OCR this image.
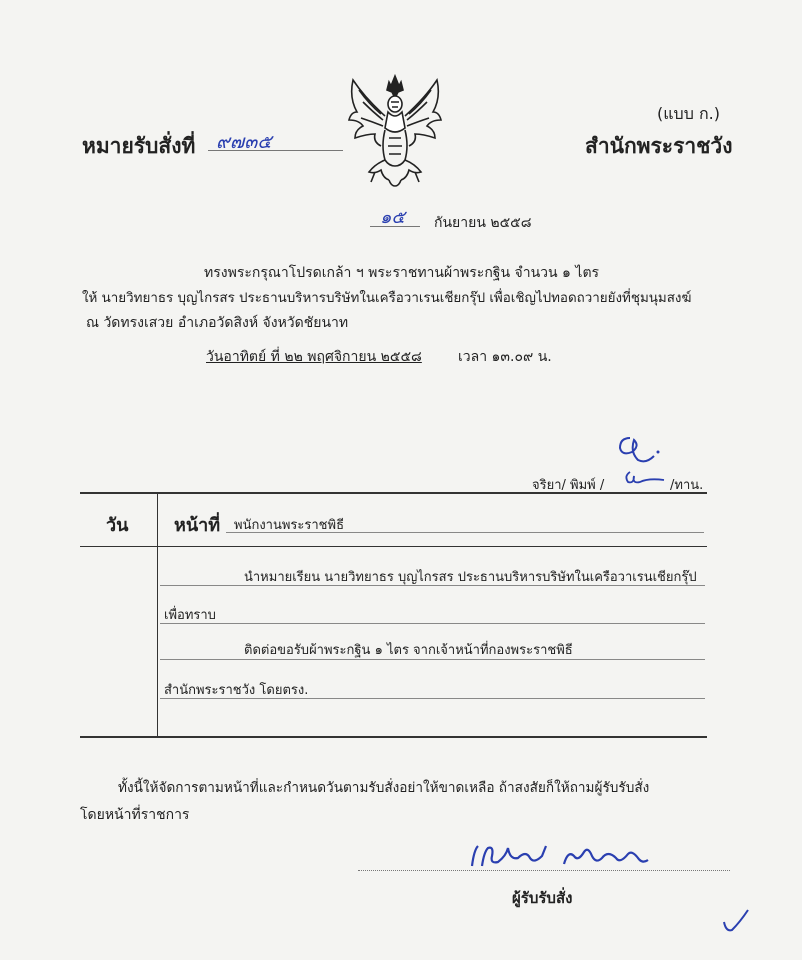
(แบบ ก.)
หมายรับสั่งที่ ๙๗๓๕	สำนักพระราชวัง
๑๕ กันยายน ๒๕๕๘
ทรงพระกรุณาโปรดเกล้า ฯ พระราชทานผ้าพระกฐิน จำนวน ๑ ไตร
ให้ นายวิทยาธร บุญไกรสร ประธานบริหารบริษัทในเครือวาเรนเชียกรุ๊ป เพื่อเชิญไปทอดถวายยังที่ชุมนุมสงฆ์
ณ วัดทรงเสวย อำเภอวัดสิงห์ จังหวัดชัยนาท
วันอาทิตย์ ที่ ๒๒ พฤศจิกายน ๒๕๕๘	เวลา ๑๓.๐๙ น.
จริยา/ พิมพ์ /	/ทาน.
วัน	หน้าที่ พนักงานพระราชพิธี
นำหมายเรียน นายวิทยาธร บุญไกรสร ประธานบริหารบริษัทในเครือวาเรนเชียกรุ๊ป
เพื่อทราบ
ติดต่อขอรับผ้าพระกฐิน ๑ ไตร จากเจ้าหน้าที่กองพระราชพิธี
สำนักพระราชวัง โดยตรง.
ทั้งนี้ให้จัดการตามหน้าที่และกำหนดวันตามรับสั่งอย่าให้ขาดเหลือ ถ้าสงสัยก็ให้ถามผู้รับรับสั่ง
โดยหน้าที่ราชการ
ผู้รับรับสั่ง
